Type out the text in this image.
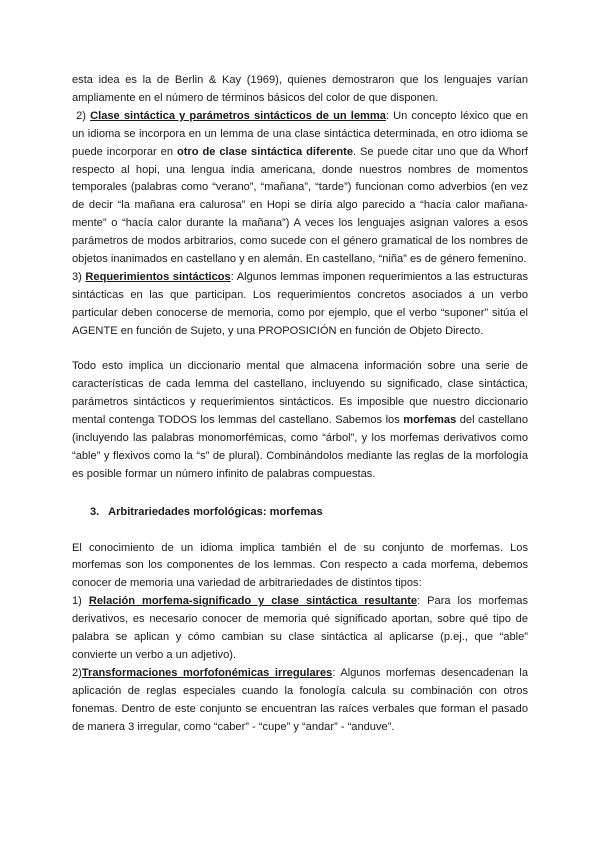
esta idea es la de Berlin & Kay (1969), quienes demostraron que los lenguajes varían ampliamente en el número de términos básicos del color de que disponen.

2) Clase sintáctica y parámetros sintácticos de un lemma: Un concepto léxico que en un idioma se incorpora en un lemma de una clase sintáctica determinada, en otro idioma se puede incorporar en otro de clase sintáctica diferente. Se puede citar uno que da Whorf respecto al hopi, una lengua india americana, donde nuestros nombres de momentos temporales (palabras como “verano”, “mañana”, “tarde”) funcionan como adverbios (en vez de decir “la mañana era calurosa” en Hopi se diría algo parecido a “hacía calor mañana-mente” o “hacía calor durante la mañana”) A veces los lenguajes asignan valores a esos parámetros de modos arbitrarios, como sucede con el género gramatical de los nombres de objetos inanimados en castellano y en alemán. En castellano, “niña” es de género femenino.

3) Requerimientos sintácticos: Algunos lemmas imponen requerimientos a las estructuras sintácticas en las que participan. Los requerimientos concretos asociados a un verbo particular deben conocerse de memoria, como por ejemplo, que el verbo “suponer” sitúa el AGENTE en función de Sujeto, y una PROPOSICIÓN en función de Objeto Directo.

Todo esto implica un diccionario mental que almacena información sobre una serie de características de cada lemma del castellano, incluyendo su significado, clase sintáctica, parámetros sintácticos y requerimientos sintácticos. Es imposible que nuestro diccionario mental contenga TODOS los lemmas del castellano. Sabemos los morfemas del castellano (incluyendo las palabras monomorfémicas, como “árbol”, y los morfemas derivativos como “able” y flexivos como la “s” de plural). Combinándolos mediante las reglas de la morfología es posible formar un número infinito de palabras compuestas.

3.   Arbitrariedades morfológicas: morfemas

El conocimiento de un idioma implica también el de su conjunto de morfemas. Los morfemas son los componentes de los lemmas. Con respecto a cada morfema, debemos conocer de memoria una variedad de arbitrariedades de distintos tipos:

1) Relación morfema-significado y clase sintáctica resultante: Para los morfemas derivativos, es necesario conocer de memoria qué significado aportan, sobre qué tipo de palabra se aplican y cómo cambian su clase sintáctica al aplicarse (p.ej., que “able” convierte un verbo a un adjetivo).

2)Transformaciones morfofonémicas irregulares: Algunos morfemas desencadenan la aplicación de reglas especiales cuando la fonología calcula su combinación con otros fonemas. Dentro de este conjunto se encuentran las raíces verbales que forman el pasado de manera 3 irregular, como “caber” - “cupe” y “andar” - “anduve”.
